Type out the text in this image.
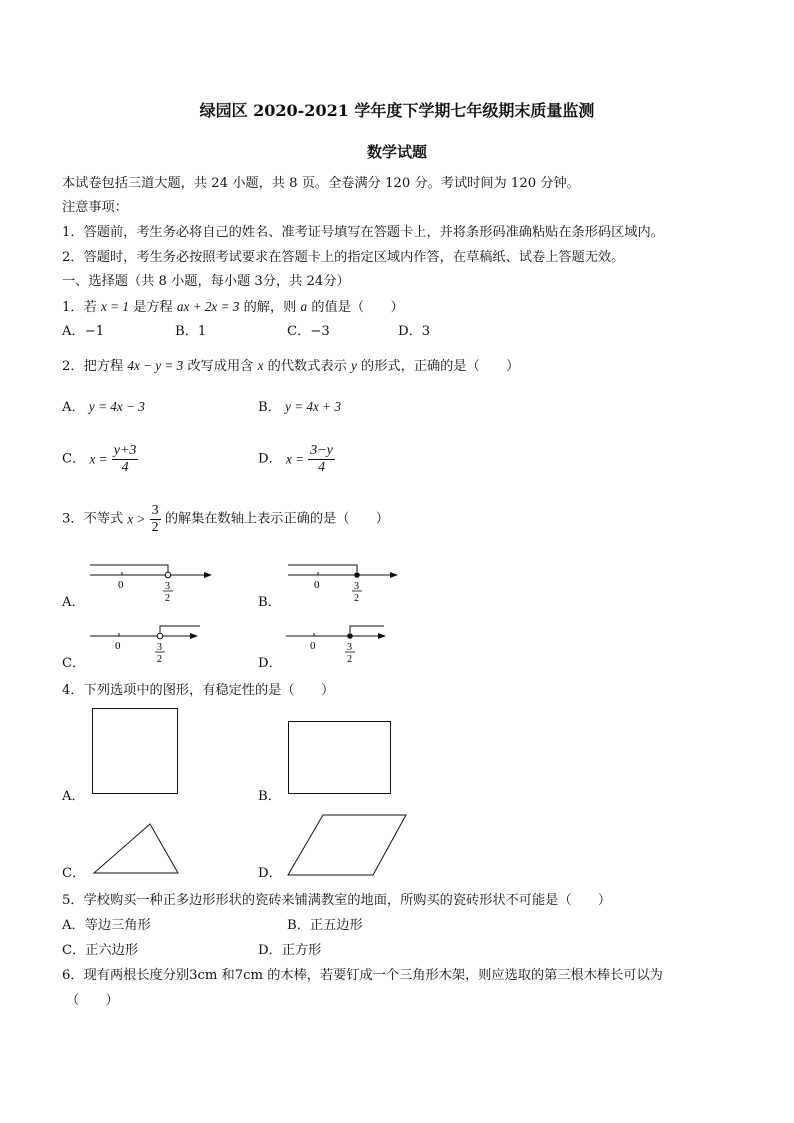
绿园区 2020-2021 学年度下学期七年级期末质量监测
数学试题
本试卷包括三道大题，共 24 小题，共 8 页。全卷满分 120 分。考试时间为 120 分钟。
注意事项：
1．答题前，考生务必将自己的姓名、准考证号填写在答题卡上，并将条形码准确粘贴在条形码区域内。
2．答题时，考生务必按照考试要求在答题卡上的指定区域内作答，在草稿纸、试卷上答题无效。
一、选择题（共 8 小题，每小题 3分，共 24分）
1．若 x = 1 是方程 ax + 2x = 3 的解，则 a 的值是（　　）
A．−1	B．1	C．−3	D．3
2．把方程 4x − y = 3 改写成用含 x 的代数式表示 y 的形式，正确的是（　　）
A． y = 4x − 3	B． y = 4x + 3
C． $x = \frac{y+3}{4}$	D． $x = \frac{3-y}{4}$
3．不等式 $x > \frac{3}{2}$ 的解集在数轴上表示正确的是（　　）
A．	B．
C．	D．
0	3
2
0	3
2
0	3
2
0	3
2
4．下列选项中的图形，有稳定性的是（　　）
A．	B．
C．	D．
5．学校购买一种正多边形形状的瓷砖来铺满教室的地面，所购买的瓷砖形状不可能是（　　）
A．等边三角形	B．正五边形
C．正六边形	D．正方形
6．现有两根长度分别3cm 和7cm 的木棒，若要钉成一个三角形木架，则应选取的第三根木棒长可以为
（　　）
